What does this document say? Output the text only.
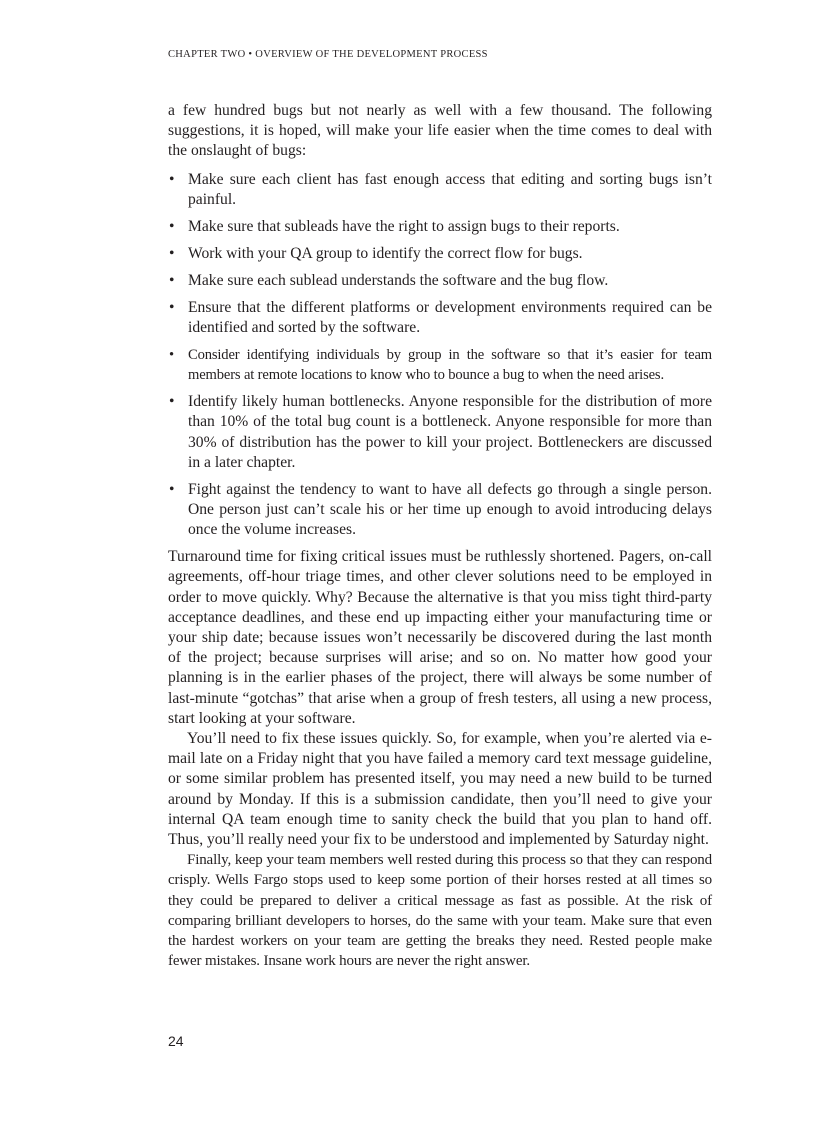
CHAPTER TWO • OVERVIEW OF THE DEVELOPMENT PROCESS

a few hundred bugs but not nearly as well with a few thousand. The following suggestions, it is hoped, will make your life easier when the time comes to deal with the onslaught of bugs:

• Make sure each client has fast enough access that editing and sorting bugs isn’t painful.
• Make sure that subleads have the right to assign bugs to their reports.
• Work with your QA group to identify the correct flow for bugs.
• Make sure each sublead understands the software and the bug flow.
• Ensure that the different platforms or development environments required can be identified and sorted by the software.
• Consider identifying individuals by group in the software so that it’s easier for team members at remote locations to know who to bounce a bug to when the need arises.
• Identify likely human bottlenecks. Anyone responsible for the distribution of more than 10% of the total bug count is a bottleneck. Anyone responsible for more than 30% of distribution has the power to kill your project. Bottleneckers are discussed in a later chapter.
• Fight against the tendency to want to have all defects go through a single person. One person just can’t scale his or her time up enough to avoid introducing delays once the volume increases.

Turnaround time for fixing critical issues must be ruthlessly shortened. Pagers, on-call agreements, off-hour triage times, and other clever solutions need to be employed in order to move quickly. Why? Because the alternative is that you miss tight third-party acceptance deadlines, and these end up impacting either your manufacturing time or your ship date; because issues won’t necessarily be discovered during the last month of the project; because surprises will arise; and so on. No matter how good your planning is in the earlier phases of the project, there will always be some number of last-minute “gotchas” that arise when a group of fresh testers, all using a new process, start looking at your software.

You’ll need to fix these issues quickly. So, for example, when you’re alerted via e-mail late on a Friday night that you have failed a memory card text message guideline, or some similar problem has presented itself, you may need a new build to be turned around by Monday. If this is a submission candidate, then you’ll need to give your internal QA team enough time to sanity check the build that you plan to hand off. Thus, you’ll really need your fix to be understood and implemented by Saturday night.

Finally, keep your team members well rested during this process so that they can respond crisply. Wells Fargo stops used to keep some portion of their horses rested at all times so they could be prepared to deliver a critical message as fast as possible. At the risk of comparing brilliant developers to horses, do the same with your team. Make sure that even the hardest workers on your team are getting the breaks they need. Rested people make fewer mistakes. Insane work hours are never the right answer.

24
